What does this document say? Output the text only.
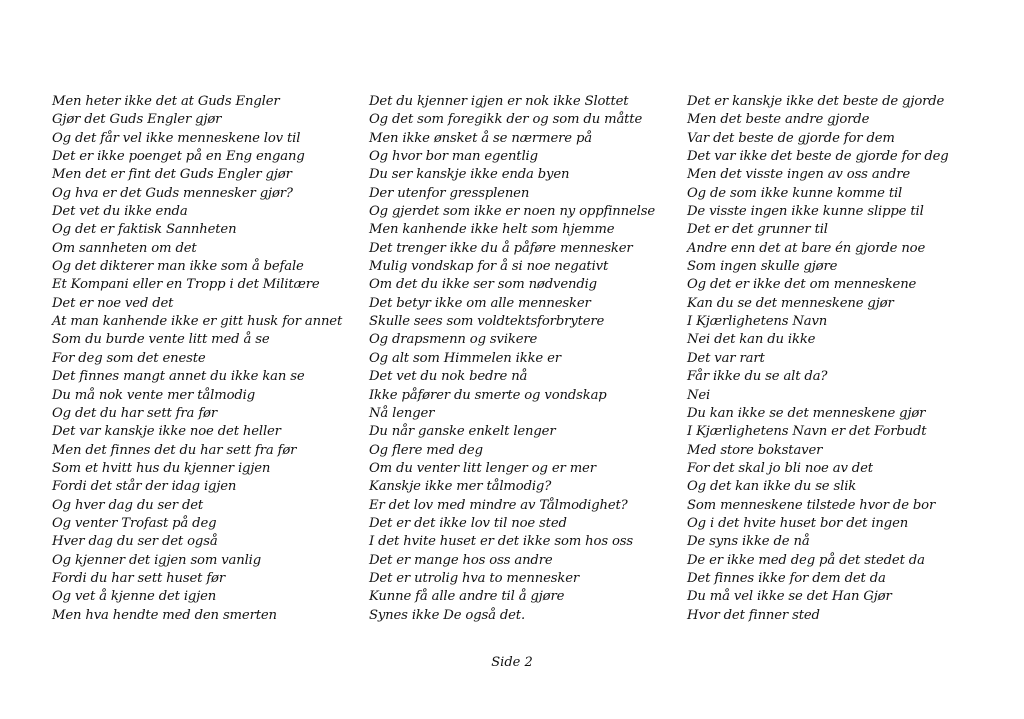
Men heter ikke det at Guds Engler
Gjør det Guds Engler gjør
Og det får vel ikke menneskene lov til
Det er ikke poenget på en Eng engang
Men det er fint det Guds Engler gjør
Og hva er det Guds mennesker gjør?
Det vet du ikke enda
Og det er faktisk Sannheten
Om sannheten om det
Og det dikterer man ikke som å befale
Et Kompani eller en Tropp i det Militære
Det er noe ved det
At man kanhende ikke er gitt husk for annet
Som du burde vente litt med å se
For deg som det eneste
Det finnes mangt annet du ikke kan se
Du må nok vente mer tålmodig
Og det du har sett fra før
Det var kanskje ikke noe det heller
Men det finnes det du har sett fra før
Som et hvitt hus du kjenner igjen
Fordi det står der idag igjen
Og hver dag du ser det
Og venter Trofast på deg
Hver dag du ser det også
Og kjenner det igjen som vanlig
Fordi du har sett huset før
Og vet å kjenne det igjen
Men hva hendte med den smerten
Det du kjenner igjen er nok ikke Slottet
Og det som foregikk der og som du måtte
Men ikke ønsket å se nærmere på
Og hvor bor man egentlig
Du ser kanskje ikke enda byen
Der utenfor gressplenen
Og gjerdet som ikke er noen ny oppfinnelse
Men kanhende ikke helt som hjemme
Det trenger ikke du å påføre mennesker
Mulig vondskap for å si noe negativt
Om det du ikke ser som nødvendig
Det betyr ikke om alle mennesker
Skulle sees som voldtektsforbrytere
Og drapsmenn og svikere
Og alt som Himmelen ikke er
Det vet du nok bedre nå
Ikke påfører du smerte og vondskap
Nå lenger
Du når ganske enkelt lenger
Og flere med deg
Om du venter litt lenger og er mer
Kanskje ikke mer tålmodig?
Er det lov med mindre av Tålmodighet?
Det er det ikke lov til noe sted
I det hvite huset er det ikke som hos oss
Det er mange hos oss andre
Det er utrolig hva to mennesker
Kunne få alle andre til å gjøre
Synes ikke De også det.
Det er kanskje ikke det beste de gjorde
Men det beste andre gjorde
Var det beste de gjorde for dem
Det var ikke det beste de gjorde for deg
Men det visste ingen av oss andre
Og de som ikke kunne komme til
De visste ingen ikke kunne slippe til
Det er det grunner til
Andre enn det at bare én gjorde noe
Som ingen skulle gjøre
Og det er ikke det om menneskene
Kan du se det menneskene gjør
I Kjærlighetens Navn
Nei det kan du ikke
Det var rart
Får ikke du se alt da?
Nei
Du kan ikke se det menneskene gjør
I Kjærlighetens Navn er det Forbudt
Med store bokstaver
For det skal jo bli noe av det
Og det kan ikke du se slik
Som menneskene tilstede hvor de bor
Og i det hvite huset bor det ingen
De syns ikke de nå
De er ikke med deg på det stedet da
Det finnes ikke for dem det da
Du må vel ikke se det Han Gjør
Hvor det finner sted
Side 2
